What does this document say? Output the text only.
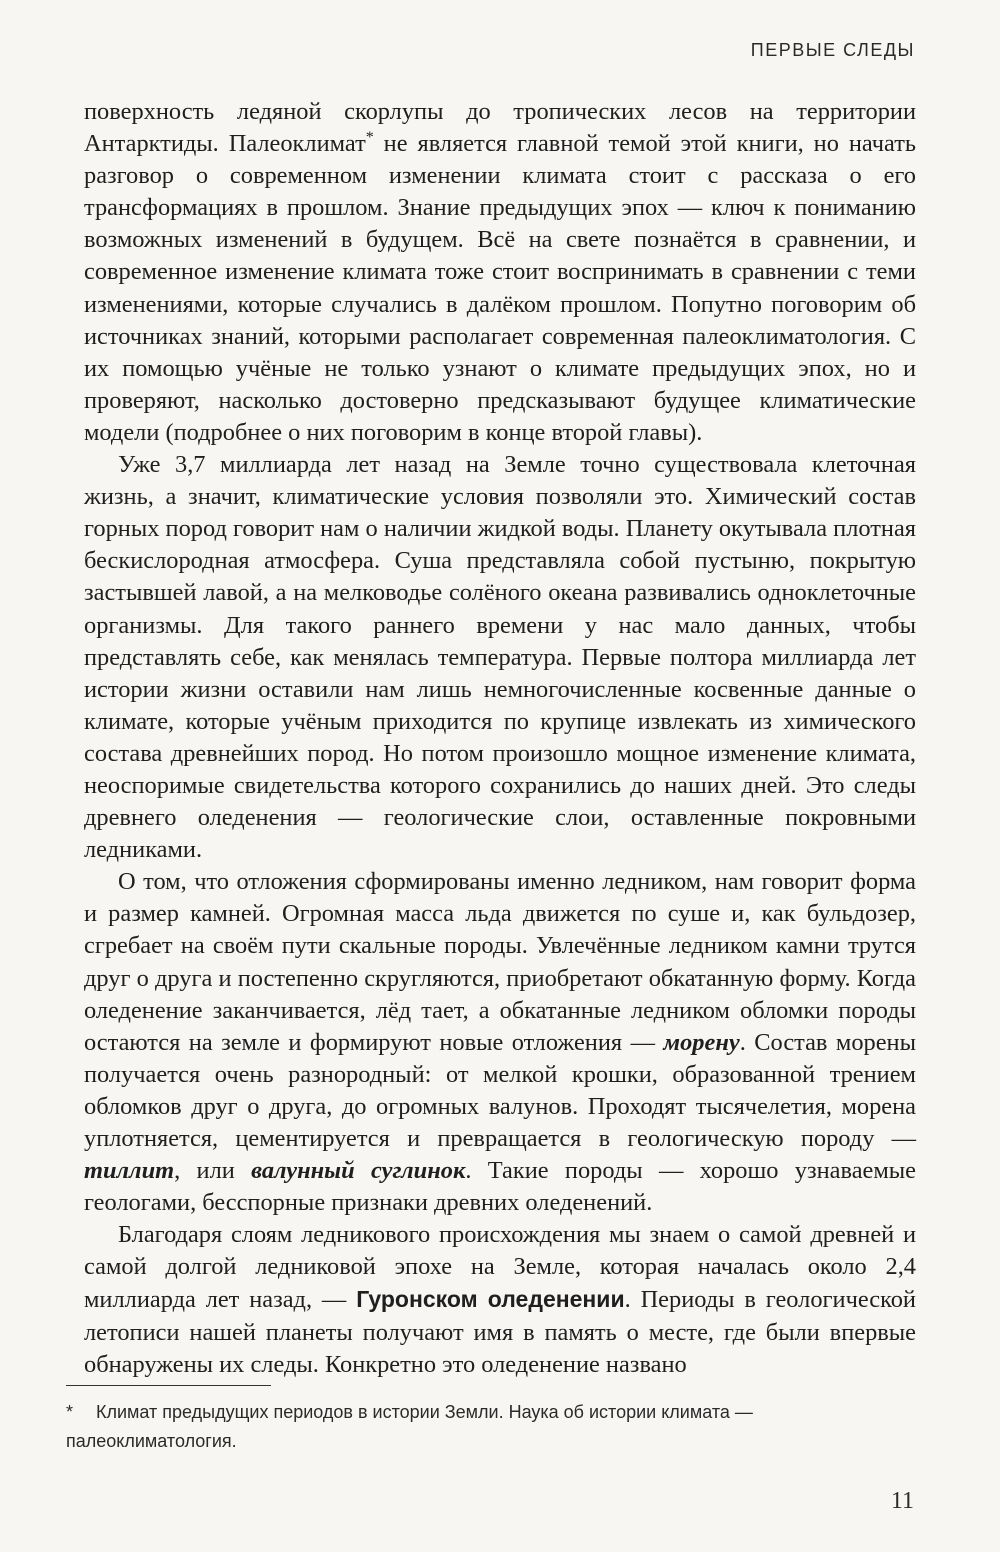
ПЕРВЫЕ СЛЕДЫ

поверхность ледяной скорлупы до тропических лесов на территории Антарктиды. Палеоклимат* не является главной темой этой книги, но начать разговор о современном изменении климата стоит с рассказа о его трансформациях в прошлом. Знание предыдущих эпох — ключ к пониманию возможных изменений в будущем. Всё на свете познаётся в сравнении, и современное изменение климата тоже стоит воспринимать в сравнении с теми изменениями, которые случались в далёком прошлом. Попутно поговорим об источниках знаний, которыми располагает современная палеоклиматология. С их помощью учёные не только узнают о климате предыдущих эпох, но и проверяют, насколько достоверно предсказывают будущее климатические модели (подробнее о них поговорим в конце второй главы).

Уже 3,7 миллиарда лет назад на Земле точно существовала клеточная жизнь, а значит, климатические условия позволяли это. Химический состав горных пород говорит нам о наличии жидкой воды. Планету окутывала плотная бескислородная атмосфера. Суша представляла собой пустыню, покрытую застывшей лавой, а на мелководье солёного океана развивались одноклеточные организмы. Для такого раннего времени у нас мало данных, чтобы представлять себе, как менялась температура. Первые полтора миллиарда лет истории жизни оставили нам лишь немногочисленные косвенные данные о климате, которые учёным приходится по крупице извлекать из химического состава древнейших пород. Но потом произошло мощное изменение климата, неоспоримые свидетельства которого сохранились до наших дней. Это следы древнего оледенения — геологические слои, оставленные покровными ледниками.

О том, что отложения сформированы именно ледником, нам говорит форма и размер камней. Огромная масса льда движется по суше и, как бульдозер, сгребает на своём пути скальные породы. Увлечённые ледником камни трутся друг о друга и постепенно скругляются, приобретают обкатанную форму. Когда оледенение заканчивается, лёд тает, а обкатанные ледником обломки породы остаются на земле и формируют новые отложения — морену. Состав морены получается очень разнородный: от мелкой крошки, образованной трением обломков друг о друга, до огромных валунов. Проходят тысячелетия, морена уплотняется, цементируется и превращается в геологическую породу — тиллит, или валунный суглинок. Такие породы — хорошо узнаваемые геологами, бесспорные признаки древних оледенений.

Благодаря слоям ледникового происхождения мы знаем о самой древней и самой долгой ледниковой эпохе на Земле, которая началась около 2,4 миллиарда лет назад, — Гуронском оледенении. Периоды в геологической летописи нашей планеты получают имя в память о месте, где были впервые обнаружены их следы. Конкретно это оледенение названо

* Климат предыдущих периодов в истории Земли. Наука об истории климата — палеоклиматология.
11
